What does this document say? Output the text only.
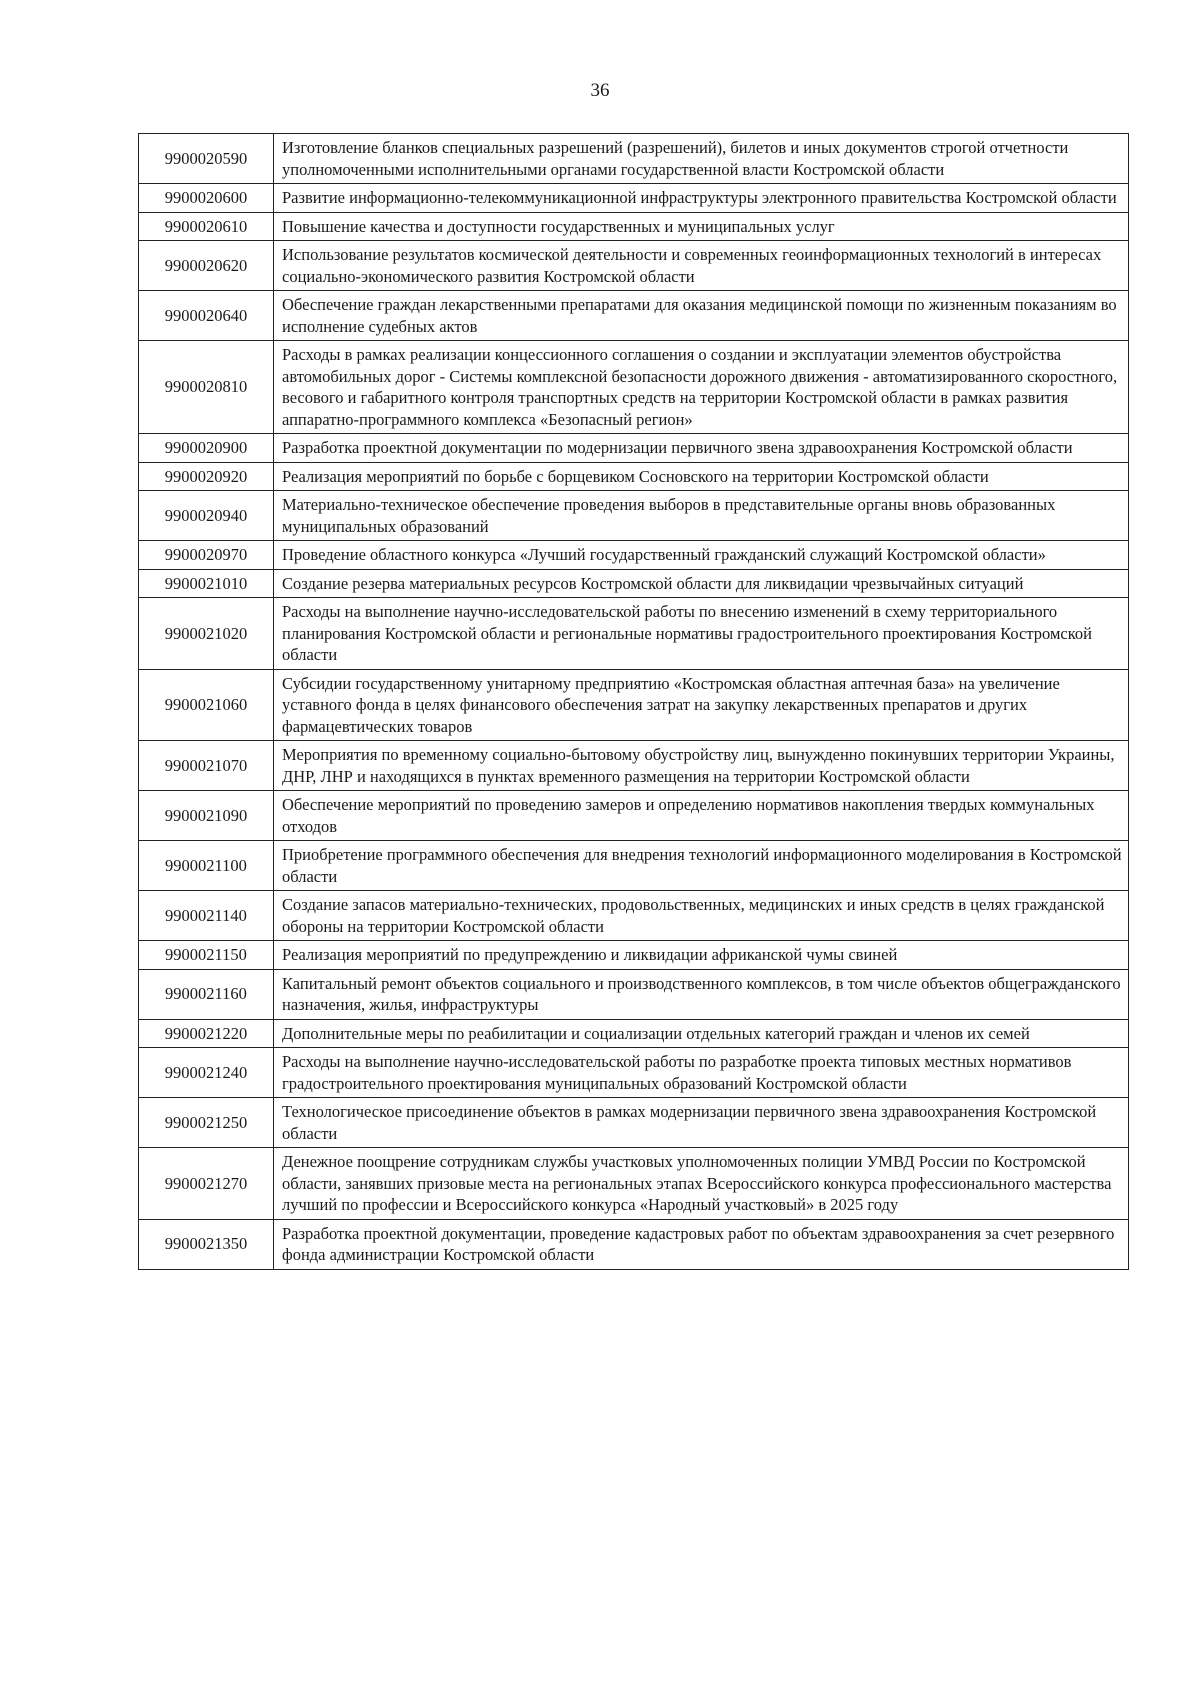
36
9900020590	Изготовление бланков специальных разрешений (разрешений), билетов и иных документов строгой отчетности уполномоченными исполнительными органами государственной власти Костромской области
9900020600	Развитие информационно-телекоммуникационной инфраструктуры электронного правительства Костромской области
9900020610	Повышение качества и доступности государственных и муниципальных услуг
9900020620	Использование результатов космической деятельности и современных геоинформационных технологий в интересах социально-экономического развития Костромской области
9900020640	Обеспечение граждан лекарственными препаратами для оказания медицинской помощи по жизненным показаниям во исполнение судебных актов
9900020810	Расходы в рамках реализации концессионного соглашения о создании и эксплуатации элементов обустройства автомобильных дорог - Системы комплексной безопасности дорожного движения - автоматизированного скоростного, весового и габаритного контроля транспортных средств на территории Костромской области в рамках развития аппаратно-программного комплекса «Безопасный регион»
9900020900	Разработка проектной документации по модернизации первичного звена здравоохранения Костромской области
9900020920	Реализация мероприятий по борьбе с борщевиком Сосновского на территории Костромской области
9900020940	Материально-техническое обеспечение проведения выборов в представительные органы вновь образованных муниципальных образований
9900020970	Проведение областного конкурса «Лучший государственный гражданский служащий Костромской области»
9900021010	Создание резерва материальных ресурсов Костромской области для ликвидации чрезвычайных ситуаций
9900021020	Расходы на выполнение научно-исследовательской работы по внесению изменений в схему территориального планирования Костромской области и региональные нормативы градостроительного проектирования Костромской области
9900021060	Субсидии государственному унитарному предприятию «Костромская областная аптечная база» на увеличение уставного фонда в целях финансового обеспечения затрат на закупку лекарственных препаратов и других фармацевтических товаров
9900021070	Мероприятия по временному социально-бытовому обустройству лиц, вынужденно покинувших территории Украины, ДНР, ЛНР и находящихся в пунктах временного размещения на территории Костромской области
9900021090	Обеспечение мероприятий по проведению замеров и определению нормативов накопления твердых коммунальных отходов
9900021100	Приобретение программного обеспечения для внедрения технологий информационного моделирования в Костромской области
9900021140	Создание запасов материально-технических, продовольственных, медицинских и иных средств в целях гражданской обороны на территории Костромской области
9900021150	Реализация мероприятий по предупреждению и ликвидации африканской чумы свиней
9900021160	Капитальный ремонт объектов социального и производственного комплексов, в том числе объектов общегражданского назначения, жилья, инфраструктуры
9900021220	Дополнительные меры по реабилитации и социализации отдельных категорий граждан и членов их семей
9900021240	Расходы на выполнение научно-исследовательской работы по разработке проекта типовых местных нормативов градостроительного проектирования муниципальных образований Костромской области
9900021250	Технологическое присоединение объектов в рамках модернизации первичного звена здравоохранения Костромской области
9900021270	Денежное поощрение сотрудникам службы участковых уполномоченных полиции УМВД России по Костромской области, занявших призовые места на региональных этапах Всероссийского конкурса профессионального мастерства лучший по профессии и Всероссийского конкурса «Народный участковый» в 2025 году
9900021350	Разработка проектной документации, проведение кадастровых работ по объектам здравоохранения за счет резервного фонда администрации Костромской области
